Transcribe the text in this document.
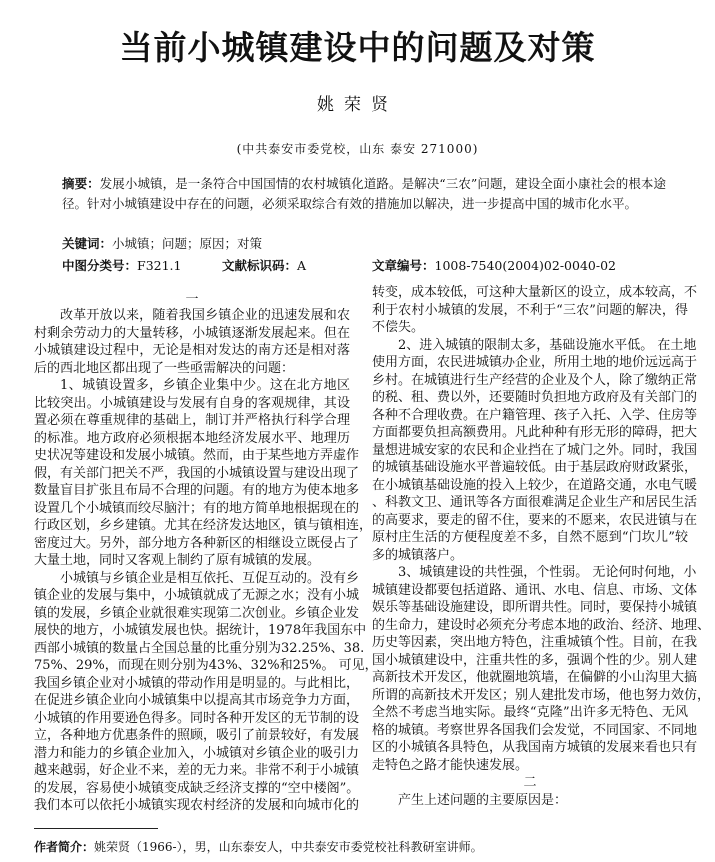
当前小城镇建设中的问题及对策
姚荣贤
(中共泰安市委党校，山东 泰安 271000)
摘要：发展小城镇，是一条符合中国国情的农村城镇化道路。是解决“三农”问题，建设全面小康社会的根本途径。针对小城镇建设中存在的问题，必须采取综合有效的措施加以解决，进一步提高中国的城市化水平。
关键词：小城镇；问题；原因；对策
中图分类号：F321.1	文献标识码：A	文章编号：1008-7540(2004)02-0040-02
一
改革开放以来，随着我国乡镇企业的迅速发展和农
村剩余劳动力的大量转移，小城镇逐渐发展起来。但在
小城镇建设过程中，无论是相对发达的南方还是相对落
后的西北地区都出现了一些亟需解决的问题：
1、城镇设置多，乡镇企业集中少。这在北方地区
比较突出。小城镇建设与发展有自身的客观规律，其设
置必须在尊重规律的基础上，制订并严格执行科学合理
的标准。地方政府必须根据本地经济发展水平、地理历
史状况等建设和发展小城镇。然而，由于某些地方弄虚作
假，有关部门把关不严，我国的小城镇设置与建设出现了
数量盲目扩张且布局不合理的问题。有的地方为使本地多
设置几个小城镇而绞尽脑汁；有的地方简单地根据现在的
行政区划，乡乡建镇。尤其在经济发达地区，镇与镇相连，
密度过大。另外，部分地方各种新区的相继设立既侵占了
大量土地，同时又客观上制约了原有城镇的发展。
小城镇与乡镇企业是相互依托、互促互动的。没有乡
镇企业的发展与集中，小城镇就成了无源之水；没有小城
镇的发展，乡镇企业就很难实现第二次创业。乡镇企业发
展快的地方，小城镇发展也快。据统计，1978年我国东中
西部小城镇的数量占全国总量的比重分别为32.25%、38.
75%、29%，而现在则分别为43%、32%和25%。 可见，
我国乡镇企业对小城镇的带动作用是明显的。与此相比，
在促进乡镇企业向小城镇集中以提高其市场竞争力方面，
小城镇的作用要逊色得多。同时各种开发区的无节制的设
立，各种地方优惠条件的照顾，吸引了前景较好，有发展
潜力和能力的乡镇企业加入，小城镇对乡镇企业的吸引力
越来越弱，好企业不来，差的无力来。非常不利于小城镇
的发展，容易使小城镇变成缺乏经济支撑的“空中楼阁”。
我们本可以依托小城镇实现农村经济的发展和向城市化的
转变，成本较低，可这种大量新区的设立，成本较高，不
利于农村小城镇的发展，不利于“三农”问题的解决，得
不偿失。
2、进入城镇的限制太多，基础设施水平低。 在土地
使用方面，农民进城镇办企业，所用土地的地价远远高于
乡村。在城镇进行生产经营的企业及个人，除了缴纳正常
的税、租、费以外，还要随时负担地方政府及有关部门的
各种不合理收费。在户籍管理、孩子入托、入学、住房等
方面都要负担高额费用。凡此种种有形无形的障碍，把大
量想进城安家的农民和企业挡在了城门之外。同时，我国
的城镇基础设施水平普遍较低。由于基层政府财政紧张，
在小城镇基础设施的投入上较少，在道路交通，水电气暖
、科教文卫、通讯等各方面很难满足企业生产和居民生活
的高要求，要走的留不住，要来的不愿来，农民进镇与在
原村庄生活的方便程度差不多，自然不愿到“门坎儿”较
多的城镇落户。
3、城镇建设的共性强，个性弱。 无论何时何地，小
城镇建设都要包括道路、通讯、水电、信息、市场、文体
娱乐等基础设施建设，即所谓共性。同时，要保持小城镇
的生命力，建设时必须充分考虑本地的政治、经济、地理、
历史等因素，突出地方特色，注重城镇个性。目前，在我
国小城镇建设中，注重共性的多，强调个性的少。别人建
高新技术开发区，他就圈地筑墙，在偏僻的小山沟里大搞
所谓的高新技术开发区；别人建批发市场，他也努力效仿，
全然不考虑当地实际。最终“克隆”出许多无特色、无风
格的城镇。考察世界各国我们会发觉，不同国家、不同地
区的小城镇各具特色，从我国南方城镇的发展来看也只有
走特色之路才能快速发展。
二
产生上述问题的主要原因是：
作者简介：姚荣贤（1966-），男，山东泰安人，中共泰安市委党校社科教研室讲师。
